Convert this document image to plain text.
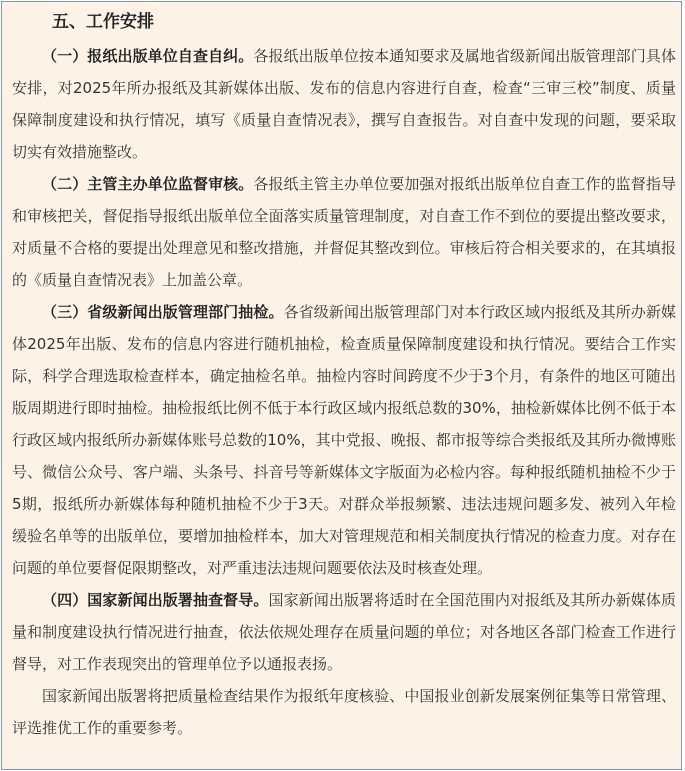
五、工作安排

（一）报纸出版单位自查自纠。各报纸出版单位按本通知要求及属地省级新闻出版管理部门具体安排，对2025年所办报纸及其新媒体出版、发布的信息内容进行自查，检查“三审三校”制度、质量保障制度建设和执行情况，填写《质量自查情况表》，撰写自查报告。对自查中发现的问题，要采取切实有效措施整改。

（二）主管主办单位监督审核。各报纸主管主办单位要加强对报纸出版单位自查工作的监督指导和审核把关，督促指导报纸出版单位全面落实质量管理制度，对自查工作不到位的要提出整改要求，对质量不合格的要提出处理意见和整改措施，并督促其整改到位。审核后符合相关要求的，在其填报的《质量自查情况表》上加盖公章。

（三）省级新闻出版管理部门抽检。各省级新闻出版管理部门对本行政区域内报纸及其所办新媒体2025年出版、发布的信息内容进行随机抽检，检查质量保障制度建设和执行情况。要结合工作实际，科学合理选取检查样本，确定抽检名单。抽检内容时间跨度不少于3个月，有条件的地区可随出版周期进行即时抽检。抽检报纸比例不低于本行政区域内报纸总数的30%，抽检新媒体比例不低于本行政区域内报纸所办新媒体账号总数的10%，其中党报、晚报、都市报等综合类报纸及其所办微博账号、微信公众号、客户端、头条号、抖音号等新媒体文字版面为必检内容。每种报纸随机抽检不少于5期，报纸所办新媒体每种随机抽检不少于3天。对群众举报频繁、违法违规问题多发、被列入年检缓验名单等的出版单位，要增加抽检样本，加大对管理规范和相关制度执行情况的检查力度。对存在问题的单位要督促限期整改，对严重违法违规问题要依法及时核查处理。

（四）国家新闻出版署抽查督导。国家新闻出版署将适时在全国范围内对报纸及其所办新媒体质量和制度建设执行情况进行抽查，依法依规处理存在质量问题的单位；对各地区各部门检查工作进行督导，对工作表现突出的管理单位予以通报表扬。

国家新闻出版署将把质量检查结果作为报纸年度核验、中国报业创新发展案例征集等日常管理、评选推优工作的重要参考。
